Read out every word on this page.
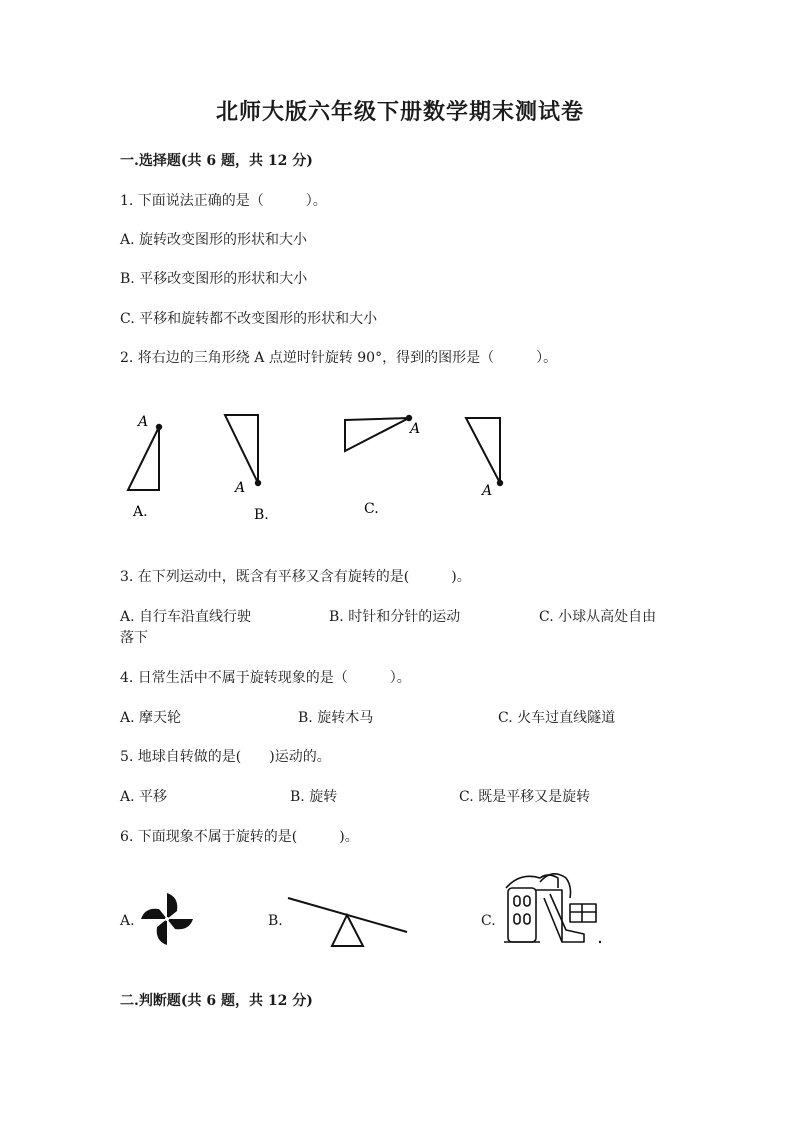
北师大版六年级下册数学期末测试卷
一.选择题(共 6 题，共 12 分)
1. 下面说法正确的是（　　　）。
A. 旋转改变图形的形状和大小
B. 平移改变图形的形状和大小
C. 平移和旋转都不改变图形的形状和大小
2. 将右边的三角形绕 A 点逆时针旋转 90°，得到的图形是（　　　）。
A
A
A
A
A.	B.	C.
3. 在下列运动中，既含有平移又含有旋转的是(　　　)。
A. 自行车沿直线行驶	B. 时针和分针的运动	C. 小球从高处自由
落下
4. 日常生活中不属于旋转现象的是（　　　）。
A. 摩天轮	B. 旋转木马	C. 火车过直线隧道
5. 地球自转做的是(　　)运动的。
A. 平移	B. 旋转	C. 既是平移又是旋转
6. 下面现象不属于旋转的是(　　　)。
A.	B.	C.
二.判断题(共 6 题，共 12 分)
